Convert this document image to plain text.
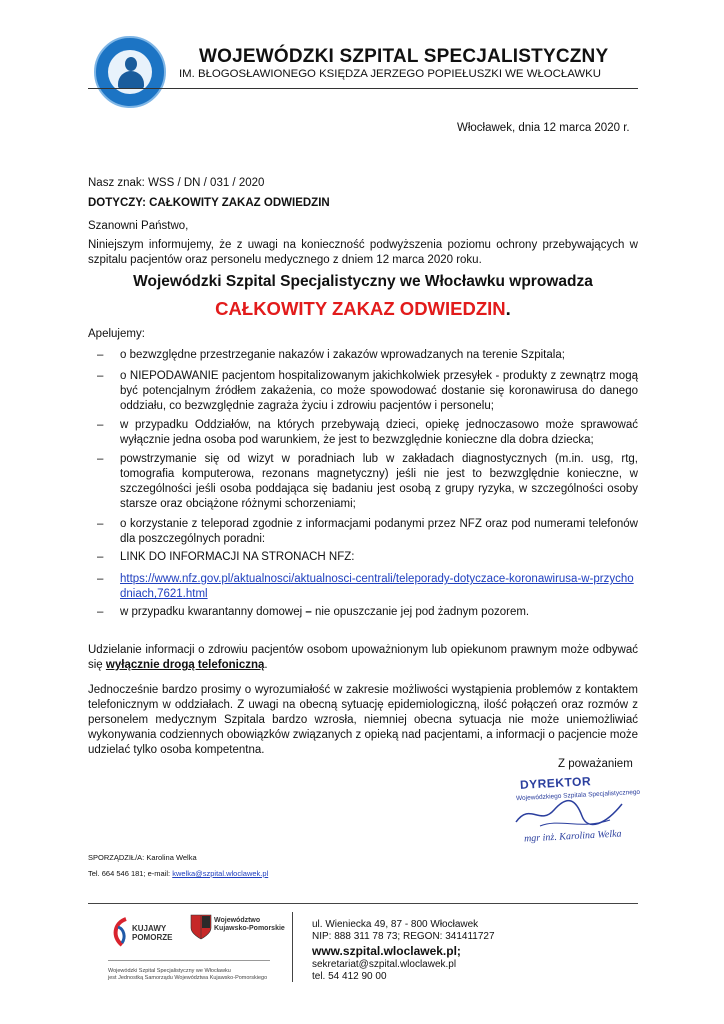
WOJEWÓDZKI SZPITAL SPECJALISTYCZNY
IM. BŁOGOSŁAWIONEGO KSIĘDZA JERZEGO POPIEŁUSZKI WE WŁOCŁAWKU
Włocławek, dnia 12 marca 2020 r.
Nasz znak: WSS / DN / 031 / 2020
DOTYCZY: CAŁKOWITY ZAKAZ ODWIEDZIN
Szanowni Państwo,
Niniejszym informujemy, że z uwagi na konieczność podwyższenia poziomu ochrony przebywających w szpitalu pacjentów oraz personelu medycznego z dniem 12 marca 2020 roku.
Wojewódzki Szpital Specjalistyczny we Włocławku wprowadza
CAŁKOWITY ZAKAZ ODWIEDZIN.
Apelujemy:
– o bezwzględne przestrzeganie nakazów i zakazów wprowadzanych na terenie Szpitala;
– o NIEPODAWANIE pacjentom hospitalizowanym jakichkolwiek przesyłek - produkty z zewnątrz mogą być potencjalnym źródłem zakażenia, co może spowodować dostanie się koronawirusa do danego oddziału, co bezwzględnie zagraża życiu i zdrowiu pacjentów i personelu;
– w przypadku Oddziałów, na których przebywają dzieci, opiekę jednoczasowo może sprawować wyłącznie jedna osoba pod warunkiem, że jest to bezwzględnie konieczne dla dobra dziecka;
– powstrzymanie się od wizyt w poradniach lub w zakładach diagnostycznych (m.in. usg, rtg, tomografia komputerowa, rezonans magnetyczny) jeśli nie jest to bezwzględnie konieczne, w szczególności jeśli osoba poddająca się badaniu jest osobą z grupy ryzyka, w szczególności osoby starsze oraz obciążone różnymi schorzeniami;
– o korzystanie z teleporad zgodnie z informacjami podanymi przez NFZ oraz pod numerami telefonów dla poszczególnych poradni:
– LINK DO INFORMACJI NA STRONACH NFZ:
– https://www.nfz.gov.pl/aktualnosci/aktualnosci-centrali/teleporady-dotyczace-koronawirusa-w-przychodniach,7621.html
– w przypadku kwarantanny domowej – nie opuszczanie jej pod żadnym pozorem.
Udzielanie informacji o zdrowiu pacjentów osobom upoważnionym lub opiekunom prawnym może odbywać się wyłącznie drogą telefoniczną.
Jednocześnie bardzo prosimy o wyrozumiałość w zakresie możliwości wystąpienia problemów z kontaktem telefonicznym w oddziałach. Z uwagi na obecną sytuację epidemiologiczną, ilość połączeń oraz rozmów z personelem medycznym Szpitala bardzo wzrosła, niemniej obecna sytuacja nie może uniemożliwiać wykonywania codziennych obowiązków związanych z opieką nad pacjentami, a informacji o pacjencie może udzielać tylko osoba kompetentna.
Z poważaniem
DYREKTOR
Wojewódzkiego Szpitala Specjalistycznego
mgr inż. Karolina Welka
SPORZĄDZIŁ/A: Karolina Welka
Tel. 664 546 181; e-mail: kwelka@szpital.wloclawek.pl
KUJAWY POMORZE
Województwo
Kujawsko-Pomorskie
Wojewódzki Szpital Specjalistyczny we Włocławku
jest Jednostką Samorządu Województwa Kujawsko-Pomorskiego
ul. Wienieckа 49, 87 - 800 Włocławek
NIP: 888 311 78 73; REGON: 341411727
www.szpital.wloclawek.pl;
sekretariat@szpital.wloclawek.pl
tel. 54 412 90 00
